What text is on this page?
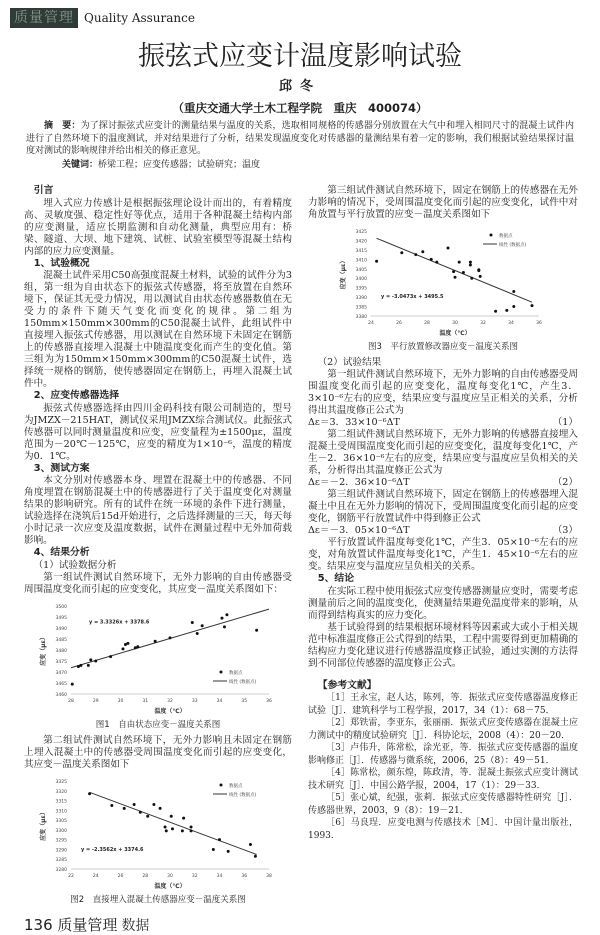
质量管理 Quality Assurance
振弦式应变计温度影响试验
邱冬
（重庆交通大学土木工程学院　重庆　400074）
摘　要：为了探讨振弦式应变计的测量结果与温度的关系，选取相同规格的传感器分别放置在大气中和埋入相同尺寸的混凝土试件内进行了自然环境下的温度测试，并对结果进行了分析，结果发现温度变化对传感器的量测结果有着一定的影响，我们根据试验结果探讨温度对测试的影响规律并给出相关的修正意见。
关键词：桥梁工程；应变传感器；试验研究；温度
引言

埋入式应力传感计是根据振弦理论设计而出的，有着精度高、灵敏度强、稳定性好等优点，适用于各种混凝土结构内部的应变测量，适应长期监测和自动化测量，典型应用有：桥梁、隧道、大坝、地下建筑、试桩、试验室模型等混凝土结构内部的应力应变测量。

1、试验概况

混凝土试件采用C50高强度混凝土材料，试验的试件分为3组，第一组为自由状态下的振弦式传感器，将至放置在自然环境下，保证其无受力情况，用以测试自由状态传感器数值在无受力的条件下随天气变化而变化的规律。第二组为150mm×150mm×300mm的C50混凝土试件，此组试件中直接埋入振弦式传感器，用以测试在自然环境下未固定在钢筋上的传感器直接埋入混凝土中随温度变化而产生的变化值。第三组为为150mm×150mm×300mm的C50混凝土试件，选择统一规格的钢筋，使传感器固定在钢筋上，再埋入混凝土试件中。

2、应变传感器选择

振弦式传感器选择由四川金码科技有限公司制造的，型号为JMZX－215HAT，测试仪采用JMZX综合测试仪。此振弦式传感器可以同时测量温度和应变，应变量程为±1500με，温度范围为－20℃－125℃，应变的精度为1×10⁻⁶，温度的精度为0．1℃。

3、测试方案

本文分别对传感器本身、埋置在混凝土中的传感器、不同角度埋置在钢筋混凝土中的传感器进行了关于温度变化对测量结果的影响研究。所有的试件在统一环境的条件下进行测量，试验选择在浇筑后15d开始进行，之后选择测量的三天，每天每小时记录一次应变及温度数据，试件在测量过程中无外加荷载影响。

4、结果分析

（1）试验数据分析

第一组试件测试自然环境下，无外力影响的自由传感器受周围温度变化而引起的应变变化，其应变－温度关系图如下：

3460
3465
3470
3475
3480
3485
3490
3495
3500
28	29	30	31	32	33	34	35	36
温度（℃）
应变（με）
y = 3.3326x + 3378.6
数据点
线性 (数据点)
图1　自由状态应变－温度关系图

第二组试件测试自然环境下，无外力影响且未固定在钢筋上埋入混凝土中的传感器受周围温度变化而引起的应变变化，其应变－温度关系图如下

3280
3285
3290
3295
3300
3305
3310
3315
3320
3325
22	24	26	28	30	32	34	36	38
温度（℃）
应变（με）
y = -2.3562x + 3374.6
数据点
线性 (数据点)
图2　直接埋入混凝土传感器应变－温度关系图
136 质量管理 数据

第三组试件测试自然环境下，固定在钢筋上的传感器在无外力影响的情况下，受周围温度变化而引起的应变变化，试件中对角放置与平行放置的应变－温度关系图如下

3380
3385
3390
3395
3400
3405
3410
3415
3420
3425
24	26	28	30	32	34	36
温度（℃）
应变（με）
y = -3.0473x + 3495.5
数据点
线性 (数据点)
图3　平行放置修改器应变－温度关系图

（2）试验结果

第一组试件测试自然环境下，无外力影响的自由传感器受周围温度变化而引起的应变变化，温度每变化1℃，产生3．3×10⁻⁶左右的应变，结果应变与温度应呈正相关的关系，分析得出其温度修正公式为

Δε＝3．33×10⁻⁶ΔT	（1）

第二组试件测试自然环境下，无外力影响的传感器直接埋入混凝土受周围温度变化而引起的应变变化，温度每变化1℃，产生－2．36×10⁻⁶左右的应变，结果应变与温度应呈负相关的关系，分析得出其温度修正公式为

Δε＝－2．36×10⁻⁶ΔT	（2）

第三组试件测试自然环境下，固定在钢筋上的传感器埋入混凝土中且在无外力影响的情况下，受周围温度变化而引起的应变变化，钢筋平行放置试件中得到修正公式

Δε＝－3．05×10⁻⁶ΔT	（3）

平行放置试件温度每变化1℃，产生3．05×10⁻⁶左右的应变，对角放置试件温度每变化1℃，产生1．45×10⁻⁶左右的应变。结果应变与温度应呈负相关的关系。

5、结论

在实际工程中使用振弦式应变传感器测量应变时，需要考虑测量前后之间的温度变化，使测量结果避免温度带来的影响，从而得到结构真实的应力变化。

基于试验得到的结果根据环境材料等因素或大或小于相关规范中标准温度修正公式得到的结果，工程中需要得到更加精确的结构应力变化建议进行传感器温度修正试验，通过实测的方法得到不同部位传感器的温度修正公式。

【参考文献】

［1］王永宝，赵人达，陈列，等．振弦式应变传感器温度修正试验［J］．建筑科学与工程学报，2017，34（1）：68－75．

［2］郑铁雷，李亚东，张丽丽．振弦式应变传感器在混凝土应力测试中的精度试验研究［J］．科协论坛，2008（4）：20－20．

［3］卢伟升，陈常松，涂光亚，等．振弦式应变传感器的温度影响修正［J］．传感器与微系统，2006，25（8）：49－51．

［4］陈常松，颜东煌，陈政清，等．混凝土振弦式应变计测试技术研究［J］．中国公路学报，2004，17（1）：29－33．

［5］张心斌，纪强，张莉．振弦式应变传感器特性研究［J］．传感器世界，2003，9（8）：19－21．

［6］马良珵．应变电测与传感技术［M］．中国计量出版社，1993．
